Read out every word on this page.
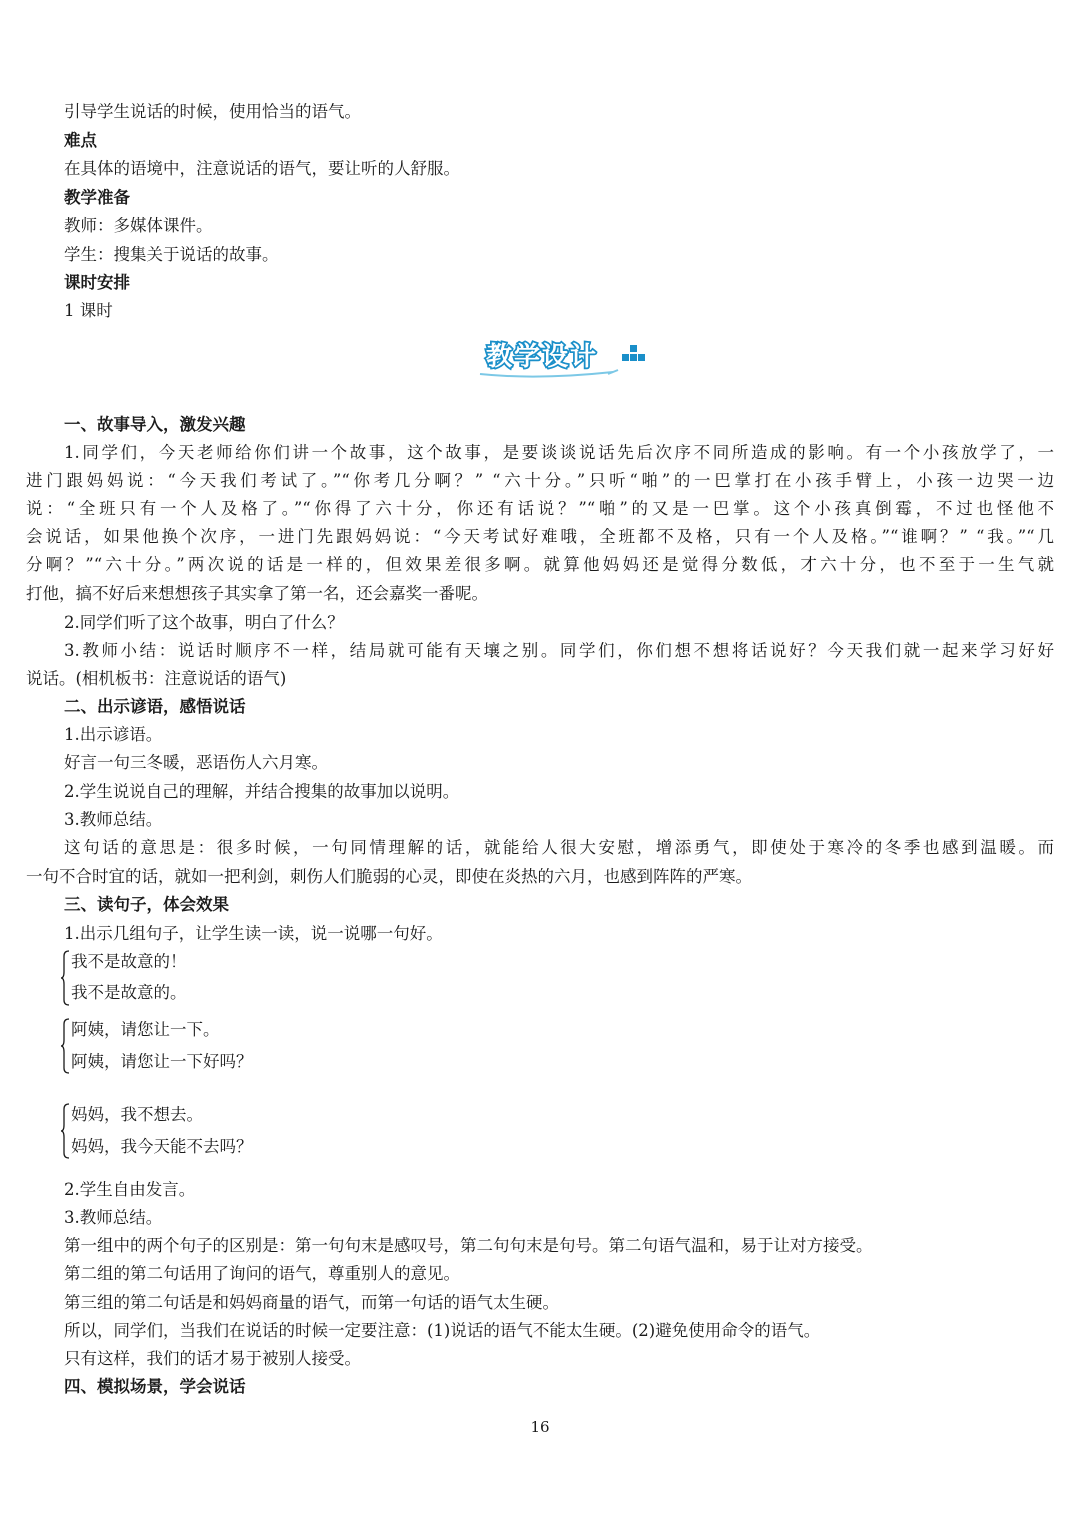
引导学生说话的时候，使用恰当的语气。
难点
在具体的语境中，注意说话的语气，要让听的人舒服。
教学准备
教师：多媒体课件。
学生：搜集关于说话的故事。
课时安排
1 课时
教学设计
一、故事导入，激发兴趣
1.同学们，今天老师给你们讲一个故事，这个故事，是要谈谈说话先后次序不同所造成的影响。有一个小孩放学了，一
进门跟妈妈说：“今天我们考试了。”“你考几分啊？” “六十分。”只听“啪”的一巴掌打在小孩手臂上，小孩一边哭一边
说：“全班只有一个人及格了。”“你得了六十分，你还有话说？”“啪”的又是一巴掌。这个小孩真倒霉，不过也怪他不
会说话，如果他换个次序，一进门先跟妈妈说：“今天考试好难哦，全班都不及格，只有一个人及格。”“谁啊？” “我。”“几
分啊？”“六十分。”两次说的话是一样的，但效果差很多啊。就算他妈妈还是觉得分数低，才六十分，也不至于一生气就
打他，搞不好后来想想孩子其实拿了第一名，还会嘉奖一番呢。
2.同学们听了这个故事，明白了什么？
3.教师小结：说话时顺序不一样，结局就可能有天壤之别。同学们，你们想不想将话说好？今天我们就一起来学习好好
说话。(相机板书：注意说话的语气)
二、出示谚语，感悟说话
1.出示谚语。
好言一句三冬暖，恶语伤人六月寒。
2.学生说说自己的理解，并结合搜集的故事加以说明。
3.教师总结。
这句话的意思是：很多时候，一句同情理解的话，就能给人很大安慰，增添勇气，即使处于寒冷的冬季也感到温暖。而
一句不合时宜的话，就如一把利剑，刺伤人们脆弱的心灵，即使在炎热的六月，也感到阵阵的严寒。
三、读句子，体会效果
1.出示几组句子，让学生读一读，说一说哪一句好。
我不是故意的！
我不是故意的。
阿姨，请您让一下。
阿姨，请您让一下好吗？
妈妈，我不想去。
妈妈，我今天能不去吗？
2.学生自由发言。
3.教师总结。
第一组中的两个句子的区别是：第一句句末是感叹号，第二句句末是句号。第二句语气温和，易于让对方接受。
第二组的第二句话用了询问的语气，尊重别人的意见。
第三组的第二句话是和妈妈商量的语气，而第一句话的语气太生硬。
所以，同学们，当我们在说话的时候一定要注意：(1)说话的语气不能太生硬。(2)避免使用命令的语气。
只有这样，我们的话才易于被别人接受。
四、模拟场景，学会说话
16
